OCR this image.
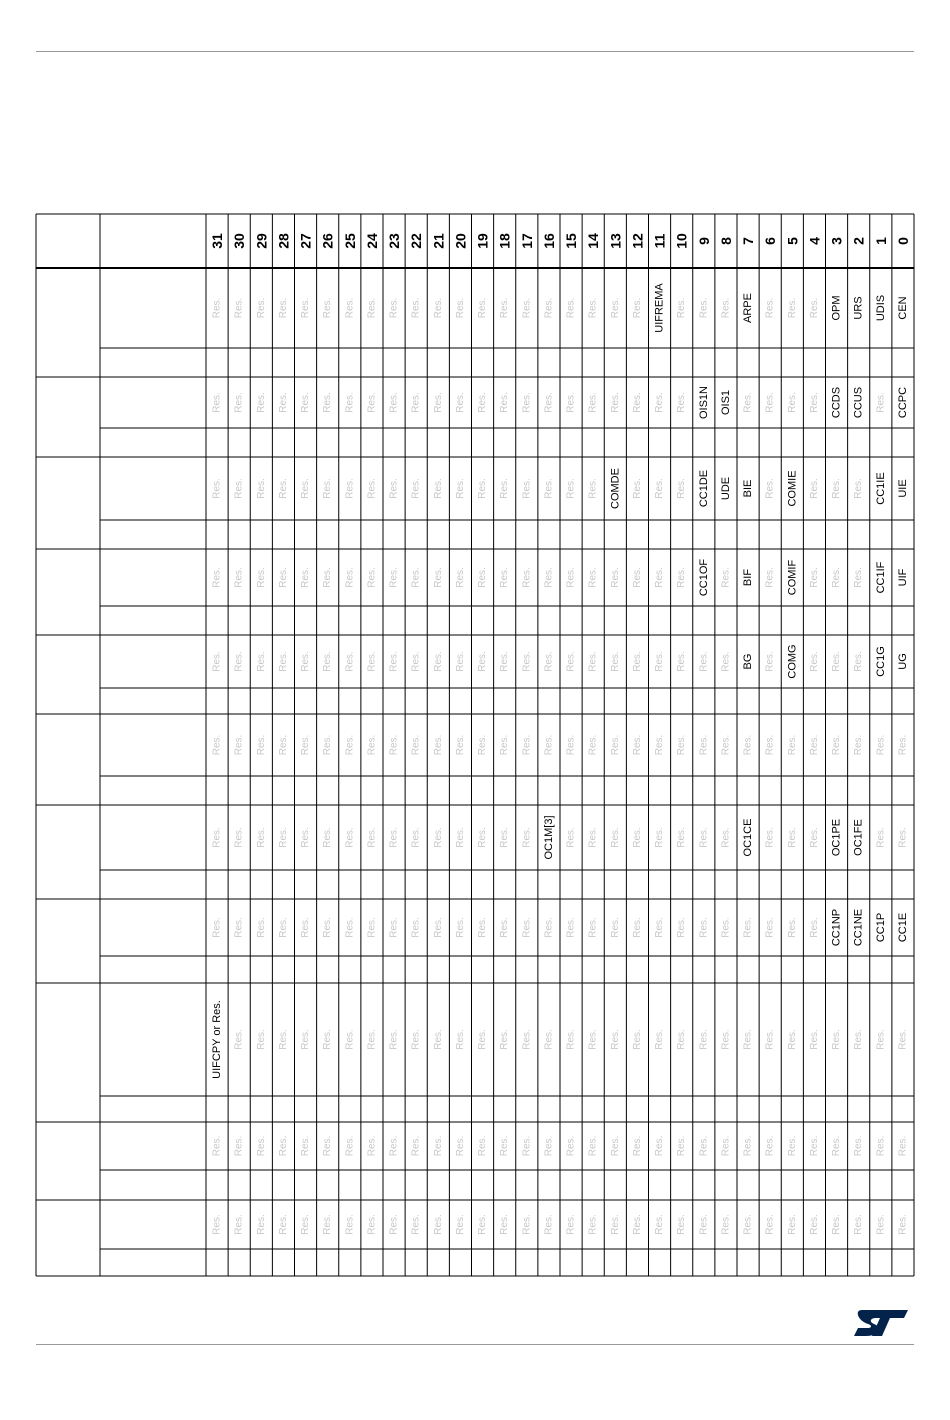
31 30 29 28 27 26 25 24 23 22 21 20 19 18 17 16 15 14 13 12 11 10 9 8 7 6 5 4 3 2 1 0
Res. Res. Res. Res. Res. Res. Res. Res. Res. Res. Res. Res. Res. Res. Res. Res. Res. Res. Res. Res. UIFREMA Res. Res. Res. ARPE Res. Res. Res. OPM URS UDIS CEN
Res. Res. Res. Res. Res. Res. Res. Res. Res. Res. Res. Res. Res. Res. Res. Res. Res. Res. Res. Res. Res. Res. OIS1N OIS1 Res. Res. Res. Res. CCDS CCUS Res. CCPC
Res. Res. Res. Res. Res. Res. Res. Res. Res. Res. Res. Res. Res. Res. Res. Res. Res. Res. COMDE Res. Res. Res. CC1DE UDE BIE Res. COMIE Res. Res. Res. CC1IE UIE
Res. Res. Res. Res. Res. Res. Res. Res. Res. Res. Res. Res. Res. Res. Res. Res. Res. Res. Res. Res. Res. Res. CC1OF Res. BIF Res. COMIF Res. Res. Res. CC1IF UIF
Res. Res. Res. Res. Res. Res. Res. Res. Res. Res. Res. Res. Res. Res. Res. Res. Res. Res. Res. Res. Res. Res. Res. Res. BG Res. COMG Res. Res. Res. CC1G UG
Res. Res. Res. Res. Res. Res. Res. Res. Res. Res. Res. Res. Res. Res. Res. Res. Res. Res. Res. Res. Res. Res. Res. Res. Res. Res. Res. Res. Res. Res. Res. Res.
Res. Res. Res. Res. Res. Res. Res. Res. Res. Res. Res. Res. Res. Res. Res. OC1M[3] Res. Res. Res. Res. Res. Res. Res. Res. OC1CE Res. Res. Res. OC1PE OC1FE Res. Res.
Res. Res. Res. Res. Res. Res. Res. Res. Res. Res. Res. Res. Res. Res. Res. Res. Res. Res. Res. Res. Res. Res. Res. Res. Res. Res. Res. Res. CC1NP CC1NE CC1P CC1E
UIFCPY or Res. Res. Res. Res. Res. Res. Res. Res. Res. Res. Res. Res. Res. Res. Res. Res. Res. Res. Res. Res. Res. Res. Res. Res. Res. Res. Res. Res. Res. Res. Res. Res.
Res. Res. Res. Res. Res. Res. Res. Res. Res. Res. Res. Res. Res. Res. Res. Res. Res. Res. Res. Res. Res. Res. Res. Res. Res. Res. Res. Res. Res. Res. Res. Res.
Res. Res. Res. Res. Res. Res. Res. Res. Res. Res. Res. Res. Res. Res. Res. Res. Res. Res. Res. Res. Res. Res. Res. Res. Res. Res. Res. Res. Res. Res. Res. Res.
